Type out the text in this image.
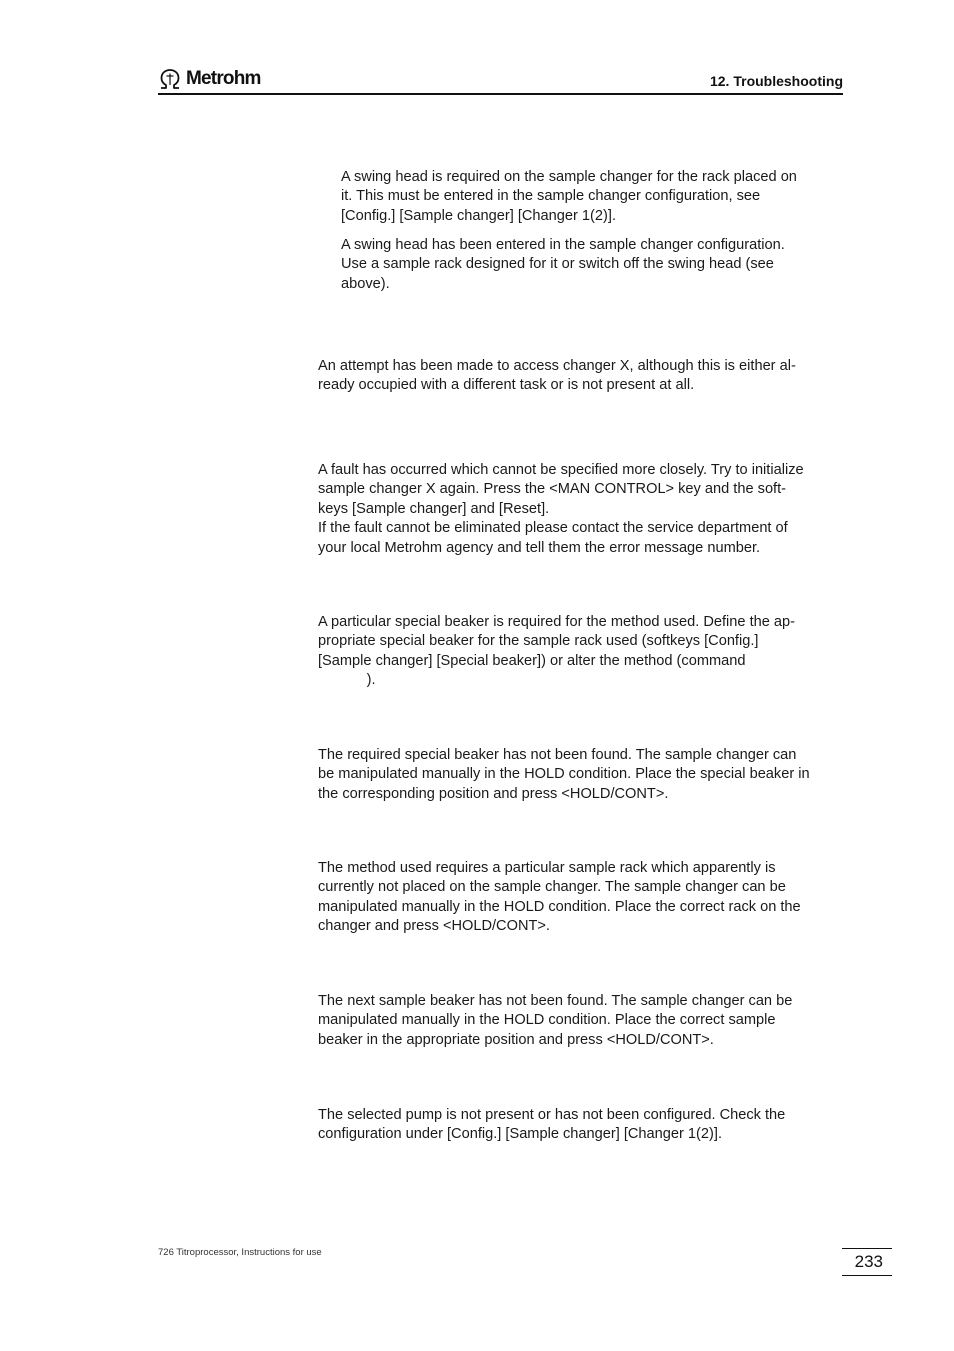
Metrohm	12. Troubleshooting

A swing head is required on the sample changer for the rack placed on
it. This must be entered in the sample changer configuration, see
[Config.] [Sample changer] [Changer 1(2)].

A swing head has been entered in the sample changer configuration.
Use a sample rack designed for it or switch off the swing head (see
above).

An attempt has been made to access changer X, although this is either al-
ready occupied with a different task or is not present at all.

A fault has occurred which cannot be specified more closely. Try to initialize
sample changer X again. Press the <MAN CONTROL> key and the soft-
keys [Sample changer] and [Reset].
If the fault cannot be eliminated please contact the service department of
your local Metrohm agency and tell them the error message number.

A particular special beaker is required for the method used. Define the ap-
propriate special beaker for the sample rack used (softkeys [Config.]
[Sample changer] [Special beaker]) or alter the method (command
).

The required special beaker has not been found. The sample changer can
be manipulated manually in the HOLD condition. Place the special beaker in
the corresponding position and press <HOLD/CONT>.

The method used requires a particular sample rack which apparently is
currently not placed on the sample changer. The sample changer can be
manipulated manually in the HOLD condition. Place the correct rack on the
changer and press <HOLD/CONT>.

The next sample beaker has not been found. The sample changer can be
manipulated manually in the HOLD condition. Place the correct sample
beaker in the appropriate position and press <HOLD/CONT>.

The selected pump is not present or has not been configured. Check the
configuration under [Config.] [Sample changer] [Changer 1(2)].

726 Titroprocessor, Instructions for use	233
